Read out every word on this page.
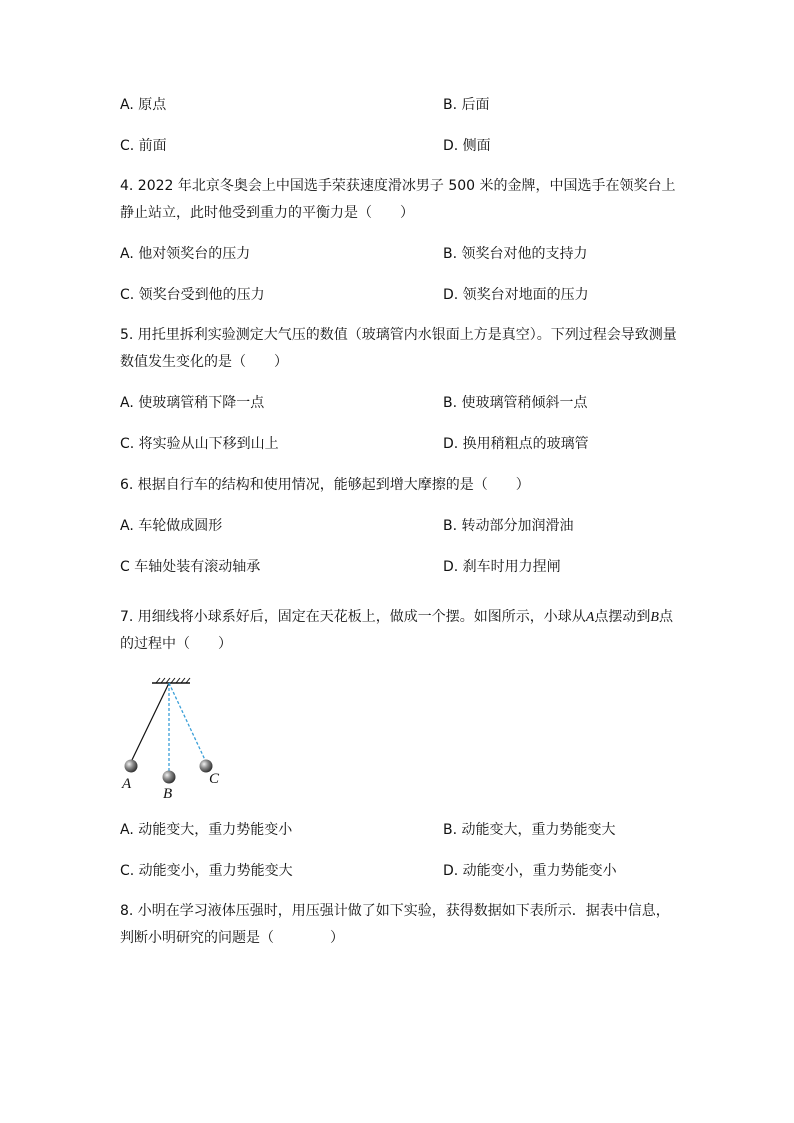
A. 原点	B. 后面
C. 前面	D. 侧面
4. 2022 年北京冬奥会上中国选手荣获速度滑冰男子 500 米的金牌，中国选手在领奖台上静止站立，此时他受到重力的平衡力是（　　）
A. 他对领奖台的压力	B. 领奖台对他的支持力
C. 领奖台受到他的压力	D. 领奖台对地面的压力
5. 用托里拆利实验测定大气压的数值（玻璃管内水银面上方是真空）。下列过程会导致测量数值发生变化的是（　　）
A. 使玻璃管稍下降一点	B. 使玻璃管稍倾斜一点
C. 将实验从山下移到山上	D. 换用稍粗点的玻璃管
6. 根据自行车的结构和使用情况，能够起到增大摩擦的是（　　）
A. 车轮做成圆形	B. 转动部分加润滑油
C 车轴处装有滚动轴承	D. 刹车时用力捏闸
7. 用细线将小球系好后，固定在天花板上，做成一个摆。如图所示，小球从A点摆动到B点的过程中（　　）
A
B
C
A. 动能变大，重力势能变小	B. 动能变大，重力势能变大
C. 动能变小，重力势能变大	D. 动能变小，重力势能变小
8. 小明在学习液体压强时，用压强计做了如下实验，获得数据如下表所示．据表中信息，判断小明研究的问题是（　　　　）
